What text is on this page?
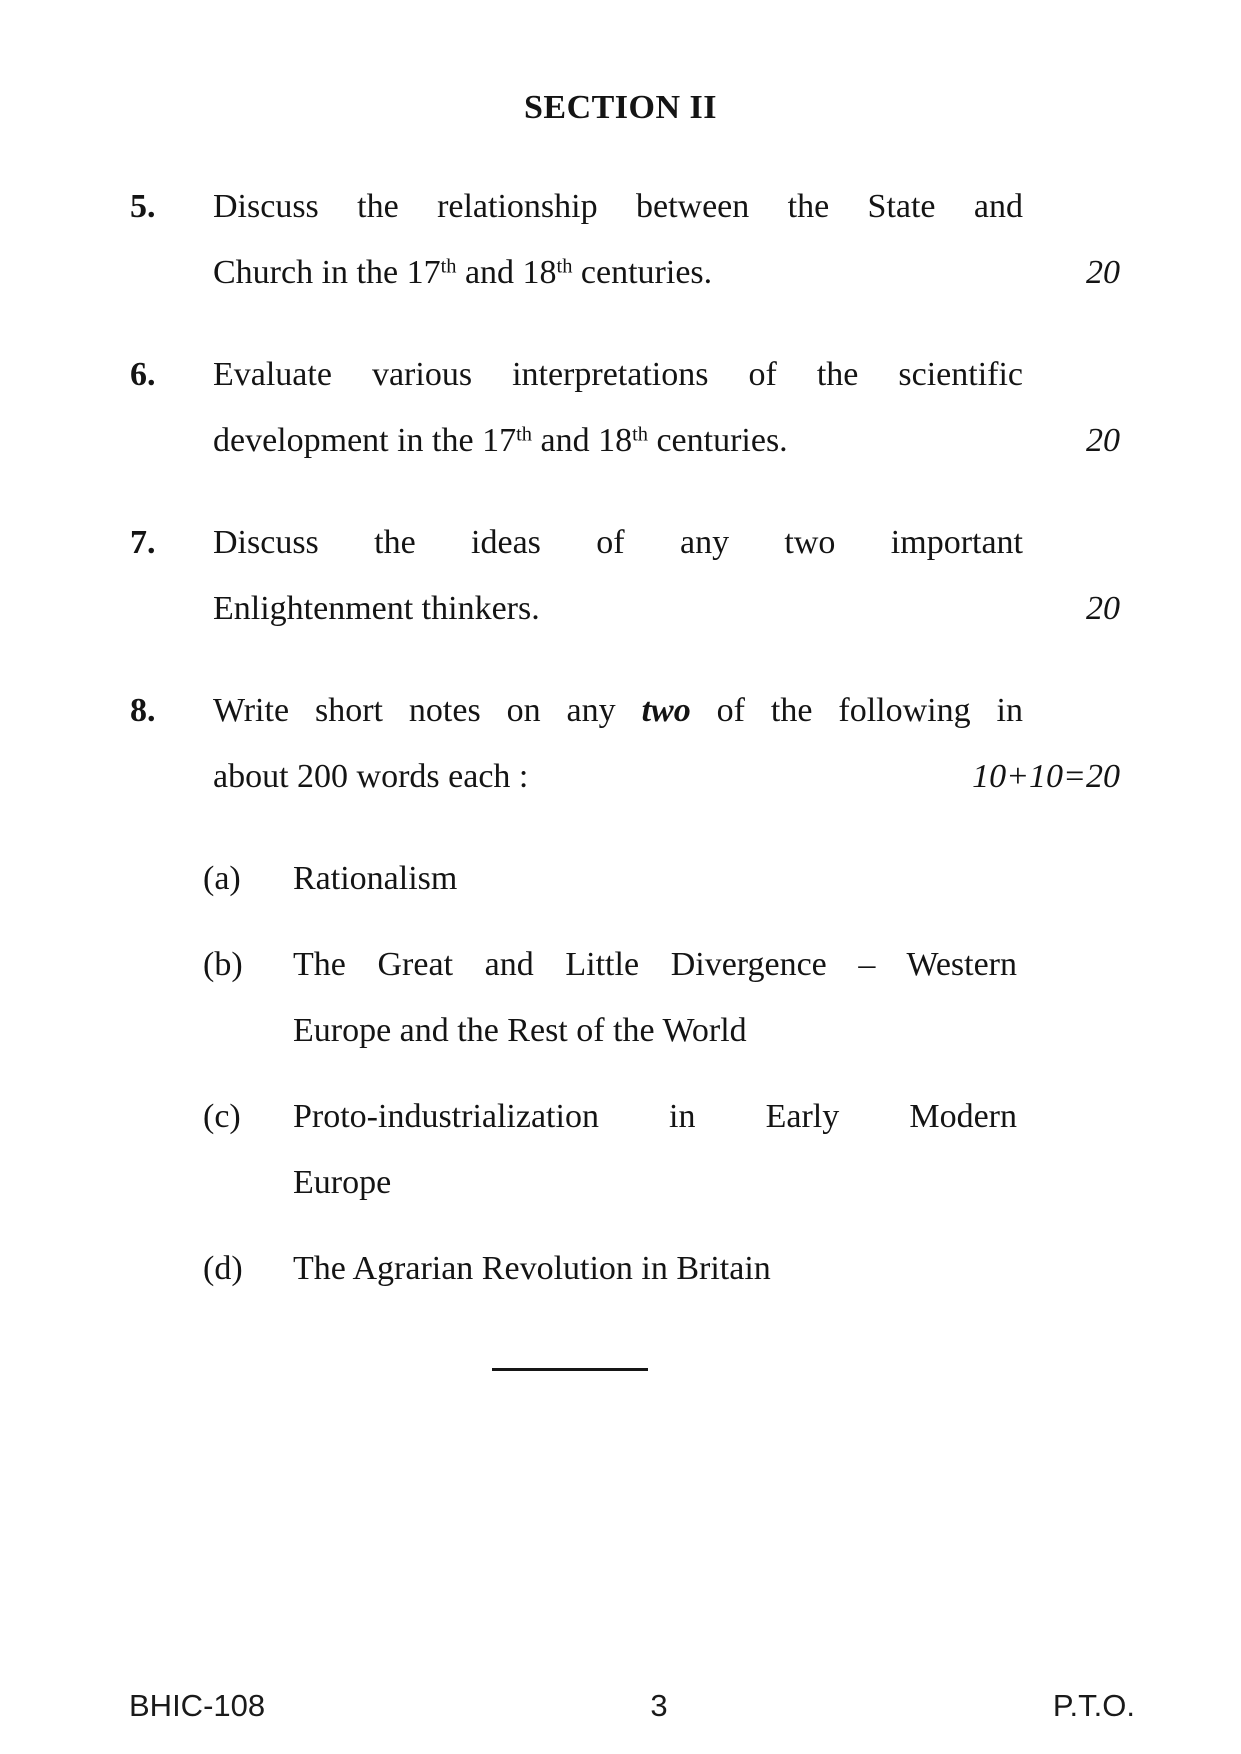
SECTION II
5.	Discuss the relationship between the State and
Church in the 17th and 18th centuries.	20
6.	Evaluate various interpretations of the scientific
development in the 17th and 18th centuries.	20
7.	Discuss the ideas of any two important
Enlightenment thinkers.	20
8.	Write short notes on any two of the following in
about 200 words each :	10+10=20
(a)	Rationalism
(b)	The Great and Little Divergence – Western
Europe and the Rest of the World
(c)	Proto-industrialization in Early Modern
Europe
(d)	The Agrarian Revolution in Britain
BHIC-108	3	P.T.O.
